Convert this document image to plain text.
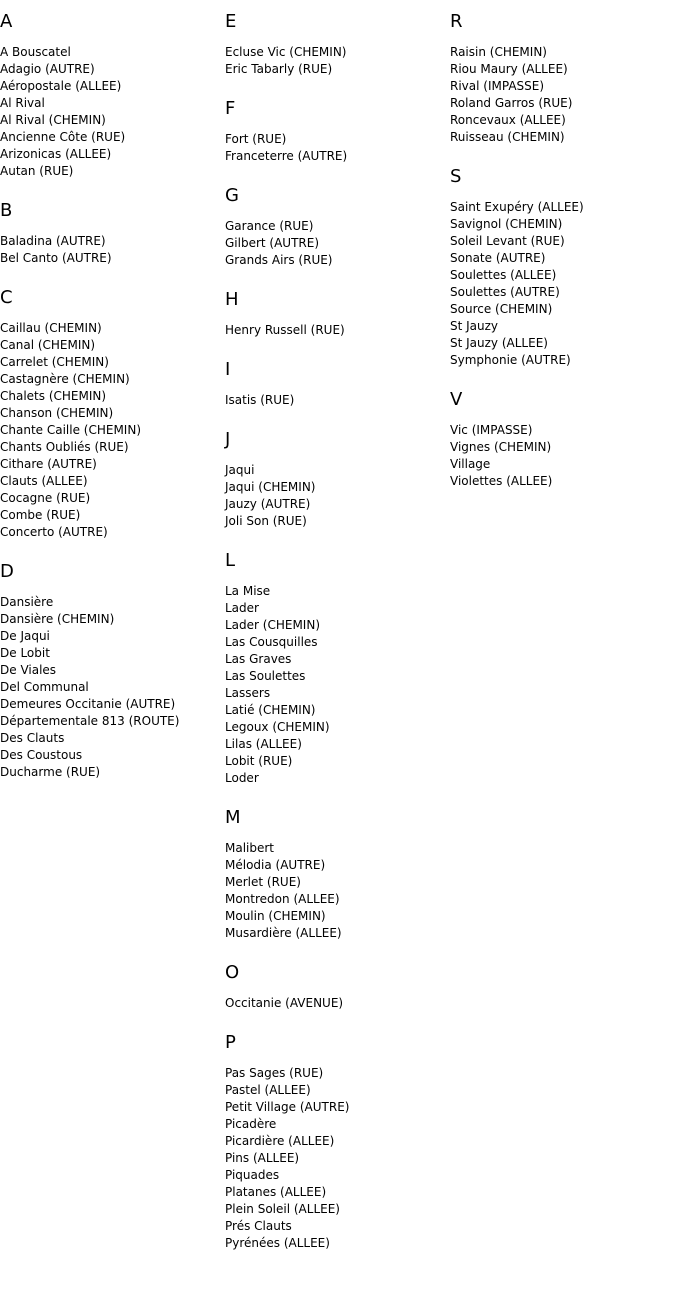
A
A Bouscatel
Adagio (AUTRE)
Aéropostale (ALLEE)
Al Rival
Al Rival (CHEMIN)
Ancienne Côte (RUE)
Arizonicas (ALLEE)
Autan (RUE)
B
Baladina (AUTRE)
Bel Canto (AUTRE)
C
Caillau (CHEMIN)
Canal (CHEMIN)
Carrelet (CHEMIN)
Castagnère (CHEMIN)
Chalets (CHEMIN)
Chanson (CHEMIN)
Chante Caille (CHEMIN)
Chants Oubliés (RUE)
Cithare (AUTRE)
Clauts (ALLEE)
Cocagne (RUE)
Combe (RUE)
Concerto (AUTRE)
D
Dansière
Dansière (CHEMIN)
De Jaqui
De Lobit
De Viales
Del Communal
Demeures Occitanie (AUTRE)
Départementale 813 (ROUTE)
Des Clauts
Des Coustous
Ducharme (RUE)
E
Ecluse Vic (CHEMIN)
Eric Tabarly (RUE)
F
Fort (RUE)
Franceterre (AUTRE)
G
Garance (RUE)
Gilbert (AUTRE)
Grands Airs (RUE)
H
Henry Russell (RUE)
I
Isatis (RUE)
J
Jaqui
Jaqui (CHEMIN)
Jauzy (AUTRE)
Joli Son (RUE)
L
La Mise
Lader
Lader (CHEMIN)
Las Cousquilles
Las Graves
Las Soulettes
Lassers
Latié (CHEMIN)
Legoux (CHEMIN)
Lilas (ALLEE)
Lobit (RUE)
Loder
M
Malibert
Mélodia (AUTRE)
Merlet (RUE)
Montredon (ALLEE)
Moulin (CHEMIN)
Musardière (ALLEE)
O
Occitanie (AVENUE)
P
Pas Sages (RUE)
Pastel (ALLEE)
Petit Village (AUTRE)
Picadère
Picardière (ALLEE)
Pins (ALLEE)
Piquades
Platanes (ALLEE)
Plein Soleil (ALLEE)
Prés Clauts
Pyrénées (ALLEE)
R
Raisin (CHEMIN)
Riou Maury (ALLEE)
Rival (IMPASSE)
Roland Garros (RUE)
Roncevaux (ALLEE)
Ruisseau (CHEMIN)
S
Saint Exupéry (ALLEE)
Savignol (CHEMIN)
Soleil Levant (RUE)
Sonate (AUTRE)
Soulettes (ALLEE)
Soulettes (AUTRE)
Source (CHEMIN)
St Jauzy
St Jauzy (ALLEE)
Symphonie (AUTRE)
V
Vic (IMPASSE)
Vignes (CHEMIN)
Village
Violettes (ALLEE)
